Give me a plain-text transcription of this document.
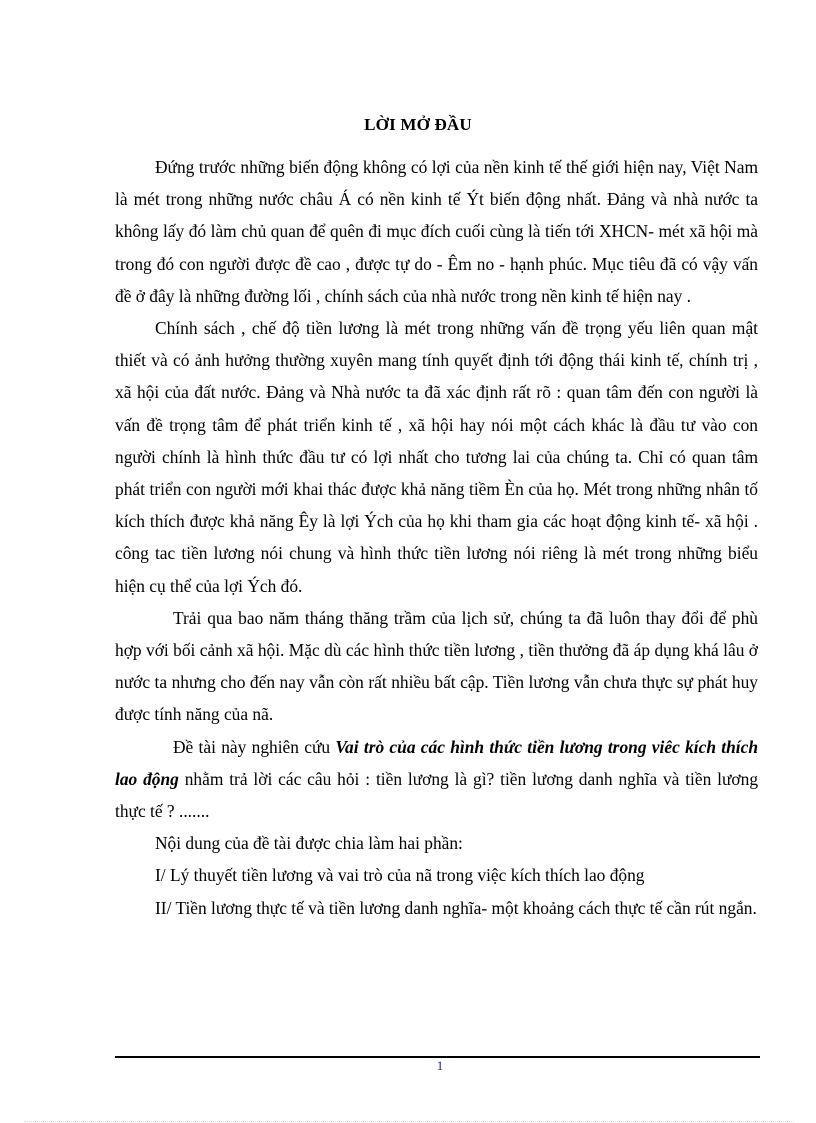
LỜI MỞ ĐẦU

Đứng trước những biến động không có lợi của nền kinh tế thế giới hiện nay, Việt Nam là mét trong những nước châu Á có nền kinh tế Ýt biến động nhất. Đảng và nhà nước ta không lấy đó làm chủ quan để quên đi mục đích cuối cùng là tiến tới XHCN- mét xã hội mà trong đó con người được đề cao , được tự do - Êm no - hạnh phúc. Mục tiêu đã có vậy vấn đề ở đây là những đường lối , chính sách của nhà nước trong nền kinh tế hiện nay .

Chính sách , chế độ tiền lương là mét trong những vấn đề trọng yếu liên quan mật thiết và có ảnh hưởng thường xuyên mang tính quyết định tới động thái kinh tế, chính trị , xã hội của đất nước. Đảng và Nhà nước ta đã xác định rất rõ : quan tâm đến con người là vấn đề trọng tâm để phát triển kinh tế , xã hội hay nói một cách khác là đầu tư vào con người chính là hình thức đầu tư có lợi nhất cho tương lai của chúng ta. Chỉ có quan tâm phát triển con người mới khai thác được khả năng tiềm Èn của họ. Mét trong những nhân tố kích thích được khả năng Êy là lợi Ých của họ khi tham gia các hoạt động kinh tế- xã hội . công tac tiền lương nói chung và hình thức tiền lương nói riêng là mét trong những biểu hiện cụ thể của lợi Ých đó.

Trải qua bao năm tháng thăng trầm của lịch sử, chúng ta đã luôn thay đổi để phù hợp với bối cảnh xã hội. Mặc dù các hình thức tiền lương , tiền thưởng đã áp dụng khá lâu ở nước ta nhưng cho đến nay vẫn còn rất nhiều bất cập. Tiền lương vẫn chưa thực sự phát huy được tính năng của nã.

Đề tài này nghiên cứu Vai trò của các hình thức tiền lương trong viêc kích thích lao động nhằm trả lời các câu hỏi : tiền lương là gì? tiền lương danh nghĩa và tiền lương thực tế ? .......

Nội dung của đề tài được chia làm hai phần:

I/ Lý thuyết tiền lương và vai trò của nã trong việc kích thích lao động

II/ Tiền lương thực tế và tiền lương danh nghĩa- một khoảng cách thực tế cần rút ngắn.

1
